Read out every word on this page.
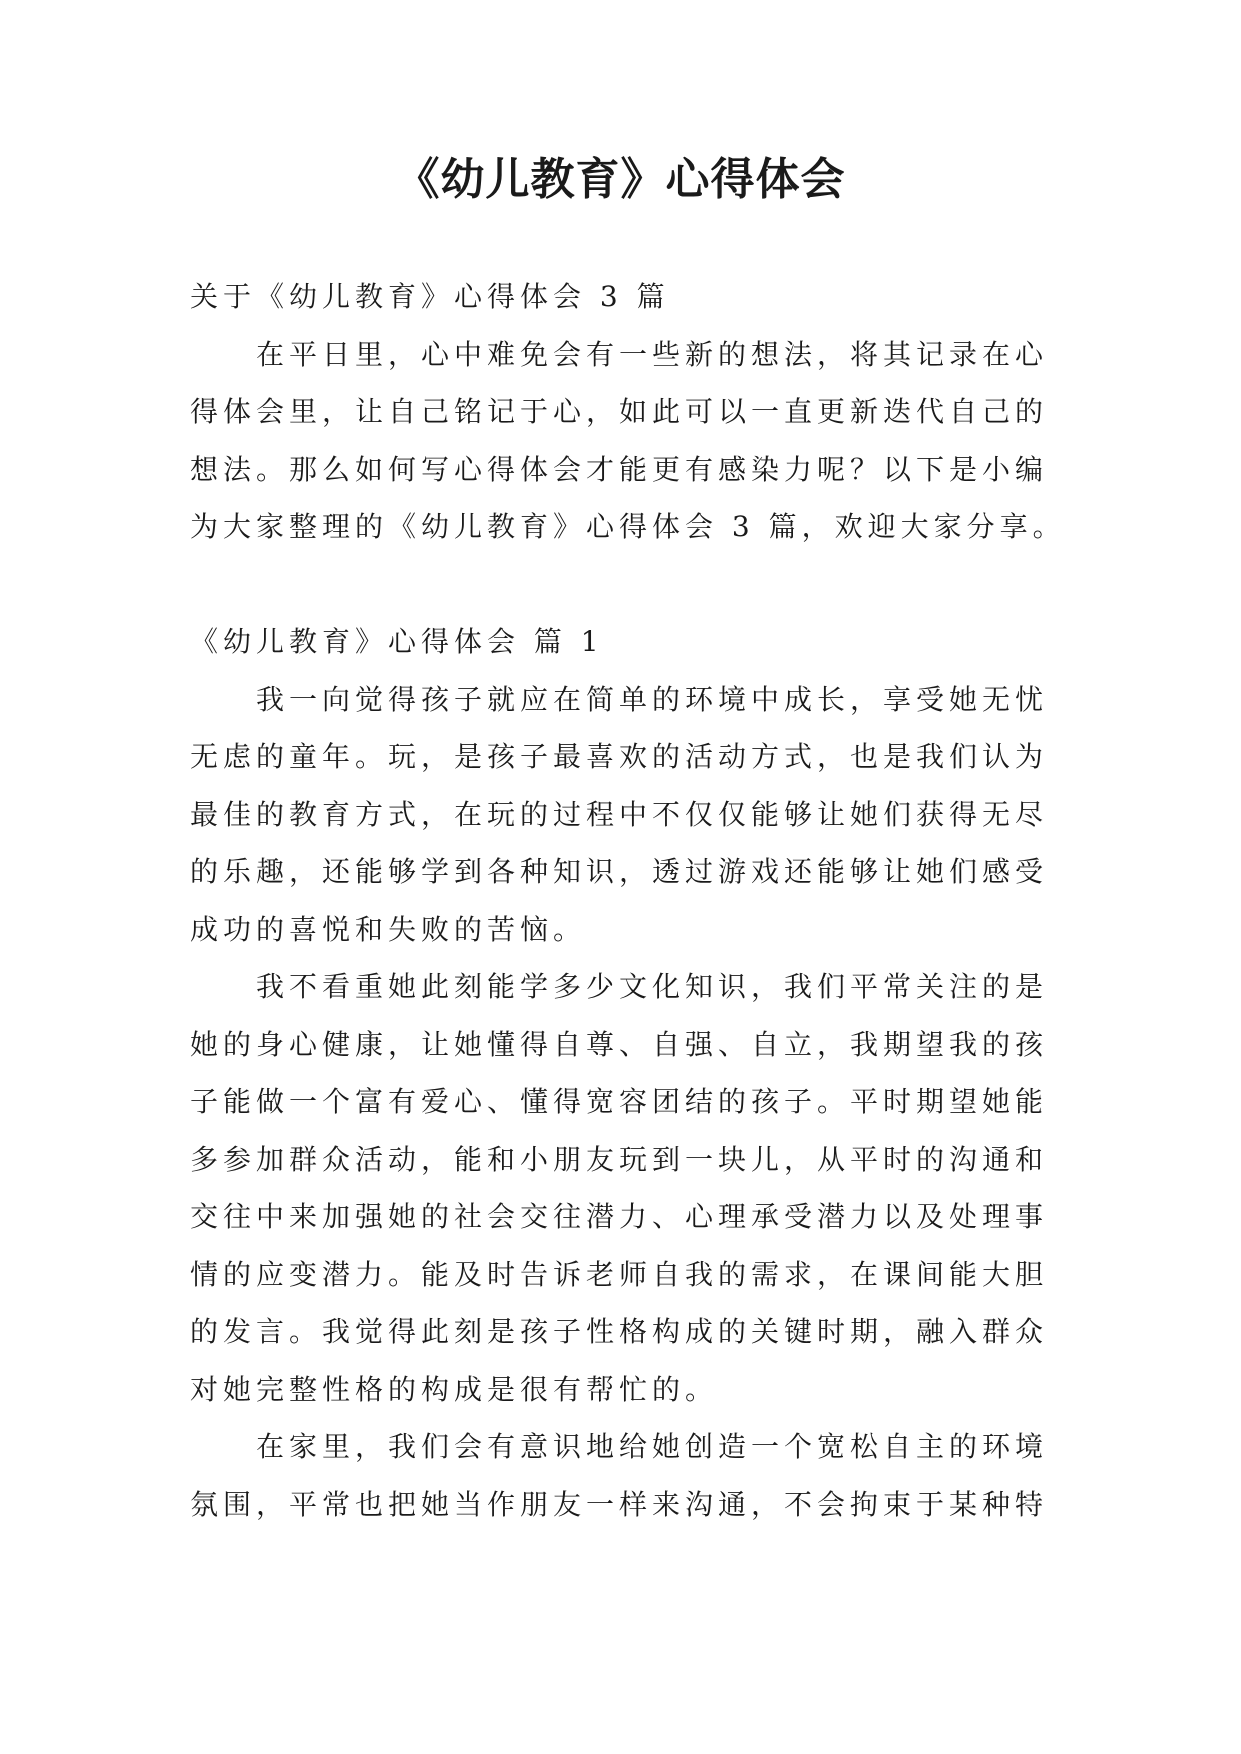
《幼儿教育》心得体会
关于《幼儿教育》心得体会 3 篇
在平日里，心中难免会有一些新的想法，将其记录在心
得体会里，让自己铭记于心，如此可以一直更新迭代自己的
想法。那么如何写心得体会才能更有感染力呢？以下是小编
为大家整理的《幼儿教育》心得体会 3 篇，欢迎大家分享。
《幼儿教育》心得体会 篇 1
我一向觉得孩子就应在简单的环境中成长，享受她无忧
无虑的童年。玩，是孩子最喜欢的活动方式，也是我们认为
最佳的教育方式，在玩的过程中不仅仅能够让她们获得无尽
的乐趣，还能够学到各种知识，透过游戏还能够让她们感受
成功的喜悦和失败的苦恼。
我不看重她此刻能学多少文化知识，我们平常关注的是
她的身心健康，让她懂得自尊、自强、自立，我期望我的孩
子能做一个富有爱心、懂得宽容团结的孩子。平时期望她能
多参加群众活动，能和小朋友玩到一块儿，从平时的沟通和
交往中来加强她的社会交往潜力、心理承受潜力以及处理事
情的应变潜力。能及时告诉老师自我的需求，在课间能大胆
的发言。我觉得此刻是孩子性格构成的关键时期，融入群众
对她完整性格的构成是很有帮忙的。
在家里，我们会有意识地给她创造一个宽松自主的环境
氛围，平常也把她当作朋友一样来沟通，不会拘束于某种特
